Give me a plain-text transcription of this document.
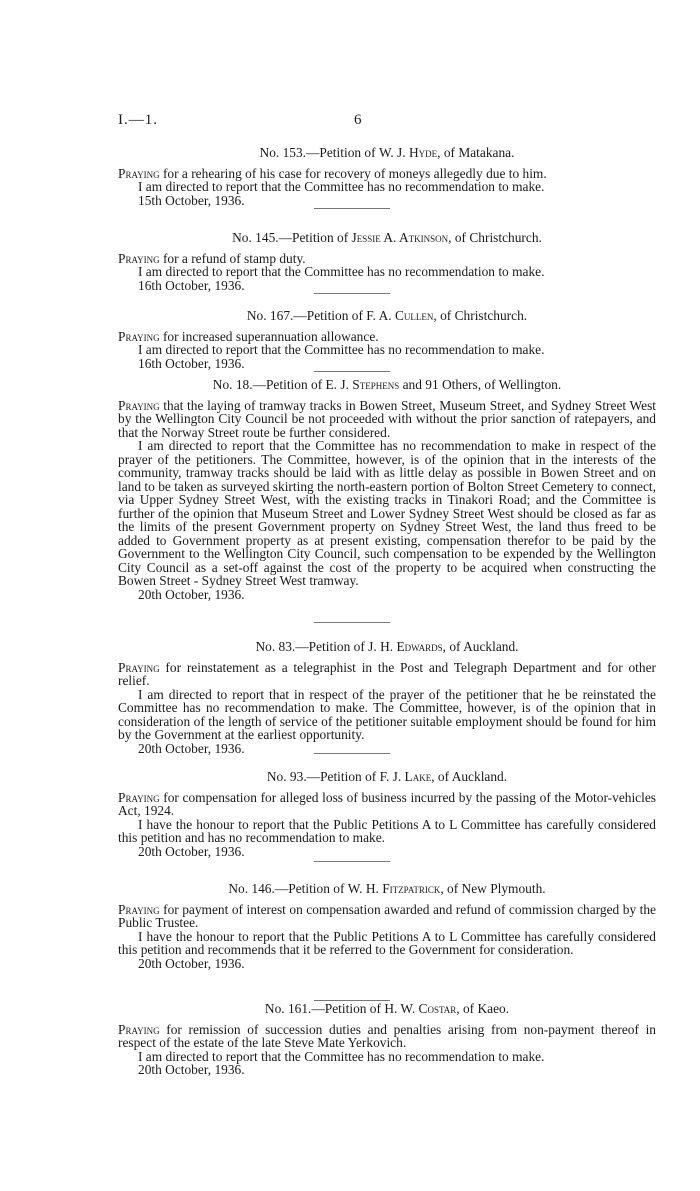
I.—1.	6

No. 153.—Petition of W. J. Hyde, of Matakana.

Praying for a rehearing of his case for recovery of moneys allegedly due to him.

I am directed to report that the Committee has no recommendation to make.

15th October, 1936.

No. 145.—Petition of Jessie A. Atkinson, of Christchurch.

Praying for a refund of stamp duty.

I am directed to report that the Committee has no recommendation to make.

16th October, 1936.

No. 167.—Petition of F. A. Cullen, of Christchurch.

Praying for increased superannuation allowance.

I am directed to report that the Committee has no recommendation to make.

16th October, 1936.

No. 18.—Petition of E. J. Stephens and 91 Others, of Wellington.

Praying that the laying of tramway tracks in Bowen Street, Museum Street, and Sydney Street West by the Wellington City Council be not proceeded with without the prior sanction of ratepayers, and that the Norway Street route be further considered.

I am directed to report that the Committee has no recommendation to make in respect of the prayer of the petitioners. The Committee, however, is of the opinion that in the interests of the community, tramway tracks should be laid with as little delay as possible in Bowen Street and on land to be taken as surveyed skirting the north-eastern portion of Bolton Street Cemetery to connect, via Upper Sydney Street West, with the existing tracks in Tinakori Road; and the Committee is further of the opinion that Museum Street and Lower Sydney Street West should be closed as far as the limits of the present Government property on Sydney Street West, the land thus freed to be added to Government property as at present existing, compensation therefor to be paid by the Government to the Wellington City Council, such compensation to be expended by the Wellington City Council as a set-off against the cost of the property to be acquired when constructing the Bowen Street - Sydney Street West tramway.

20th October, 1936.

No. 83.—Petition of J. H. Edwards, of Auckland.

Praying for reinstatement as a telegraphist in the Post and Telegraph Department and for other relief.

I am directed to report that in respect of the prayer of the petitioner that he be reinstated the Committee has no recommendation to make. The Committee, however, is of the opinion that in consideration of the length of service of the petitioner suitable employment should be found for him by the Government at the earliest opportunity.

20th October, 1936.

No. 93.—Petition of F. J. Lake, of Auckland.

Praying for compensation for alleged loss of business incurred by the passing of the Motor-vehicles Act, 1924.

I have the honour to report that the Public Petitions A to L Committee has carefully considered this petition and has no recommendation to make.

20th October, 1936.

No. 146.—Petition of W. H. Fitzpatrick, of New Plymouth.

Praying for payment of interest on compensation awarded and refund of commission charged by the Public Trustee.

I have the honour to report that the Public Petitions A to L Committee has carefully considered this petition and recommends that it be referred to the Government for consideration.

20th October, 1936.

No. 161.—Petition of H. W. Costar, of Kaeo.

Praying for remission of succession duties and penalties arising from non-payment thereof in respect of the estate of the late Steve Mate Yerkovich.

I am directed to report that the Committee has no recommendation to make.

20th October, 1936.
